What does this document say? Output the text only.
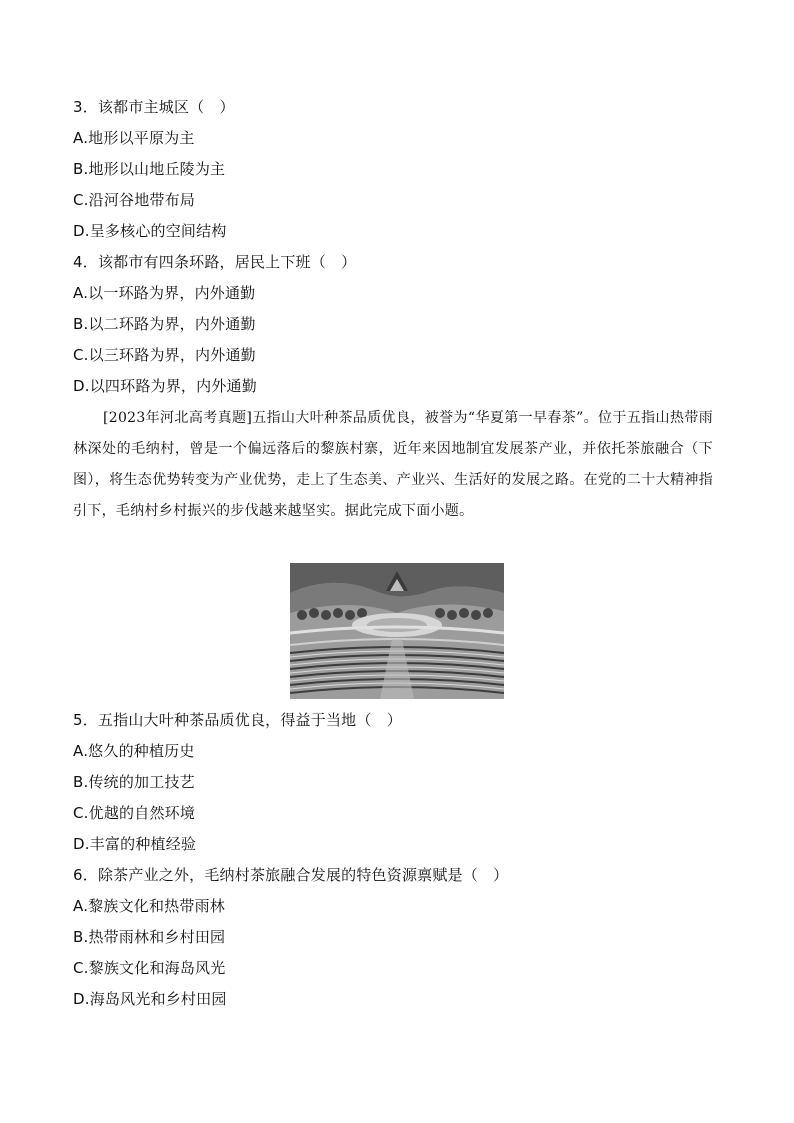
3．该都市主城区（　）
A.地形以平原为主
B.地形以山地丘陵为主
C.沿河谷地带布局
D.呈多核心的空间结构
4．该都市有四条环路，居民上下班（　）
A.以一环路为界，内外通勤
B.以二环路为界，内外通勤
C.以三环路为界，内外通勤
D.以四环路为界，内外通勤
[2023年河北高考真题]五指山大叶种茶品质优良，被誉为“华夏第一早春茶”。位于五指山热带雨林深处的毛纳村，曾是一个偏远落后的黎族村寨，近年来因地制宜发展茶产业，并依托茶旅融合（下图），将生态优势转变为产业优势，走上了生态美、产业兴、生活好的发展之路。在党的二十大精神指引下，毛纳村乡村振兴的步伐越来越坚实。据此完成下面小题。
5．五指山大叶种茶品质优良，得益于当地（　）
A.悠久的种植历史
B.传统的加工技艺
C.优越的自然环境
D.丰富的种植经验
6．除茶产业之外，毛纳村茶旅融合发展的特色资源禀赋是（　）
A.黎族文化和热带雨林
B.热带雨林和乡村田园
C.黎族文化和海岛风光
D.海岛风光和乡村田园
